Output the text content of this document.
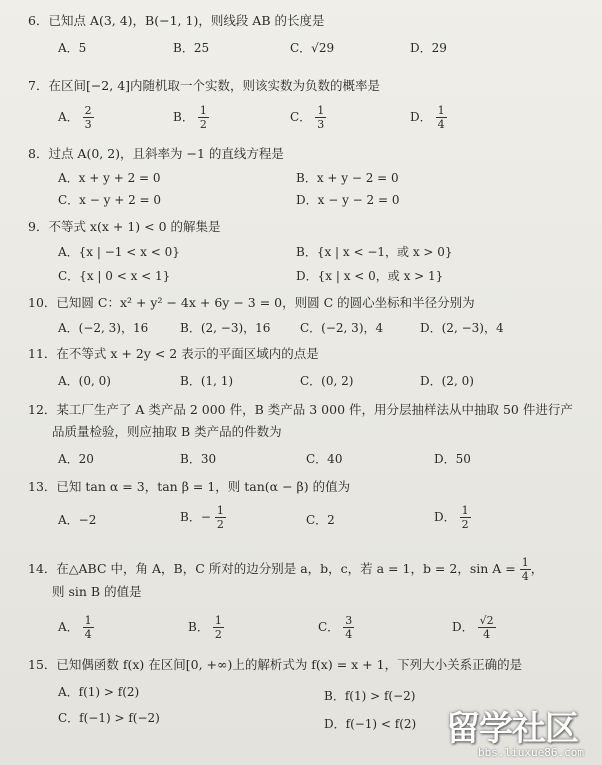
6．已知点 A(3, 4)，B(−1, 1)，则线段 AB 的长度是
A．5	B．25	C．√29	D．29
7．在区间[−2, 4]内随机取一个实数，则该实数为负数的概率是
A． $\frac{2}{3}$	B． $\frac{1}{2}$	C． $\frac{1}{3}$	D． $\frac{1}{4}$
8．过点 A(0, 2)，且斜率为 −1 的直线方程是
A．x + y + 2 = 0	B．x + y − 2 = 0
C．x − y + 2 = 0	D．x − y − 2 = 0
9．不等式 x(x + 1) < 0 的解集是
A．{x | −1 < x < 0}	B．{x | x < −1，或 x > 0}
C．{x | 0 < x < 1}	D．{x | x < 0，或 x > 1}
10．已知圆 C：x² + y² − 4x + 6y − 3 = 0，则圆 C 的圆心坐标和半径分别为
A．(−2, 3)，16	B．(2, −3)，16 C．(−2, 3)，4	D．(2, −3)，4
11．在不等式 x + 2y < 2 表示的平面区域内的点是
A．(0, 0)	B．(1, 1)	C．(0, 2)	D．(2, 0)
12．某工厂生产了 A 类产品 2 000 件，B 类产品 3 000 件，用分层抽样法从中抽取 50 件进行产
品质量检验，则应抽取 B 类产品的件数为
A．20	B．30	C．40	D．50
13．已知 tan α = 3，tan β = 1，则 tan(α − β) 的值为
A．−2	B．− $\frac{1}{2}$	C．2	D． $\frac{1}{2}$
14．在△ABC 中，角 A，B，C 所对的边分别是 a，b，c，若 a = 1，b = 2，$\sin A = \frac{1}{4}$ ，
则 sin B 的值是
A． $\frac{1}{4}$	B． $\frac{1}{2}$	C． $\frac{3}{4}$	D． $\frac{√2}{4}$
15．已知偶函数 f(x) 在区间[0, +∞)上的解析式为 f(x) = x + 1，下列大小关系正确的是
A．f(1) > f(2)	B．f(1) > f(−2)
C．f(−1) > f(−2)	D．f(−1) < f(2) 留学社区
bbs.liuxue86.com
